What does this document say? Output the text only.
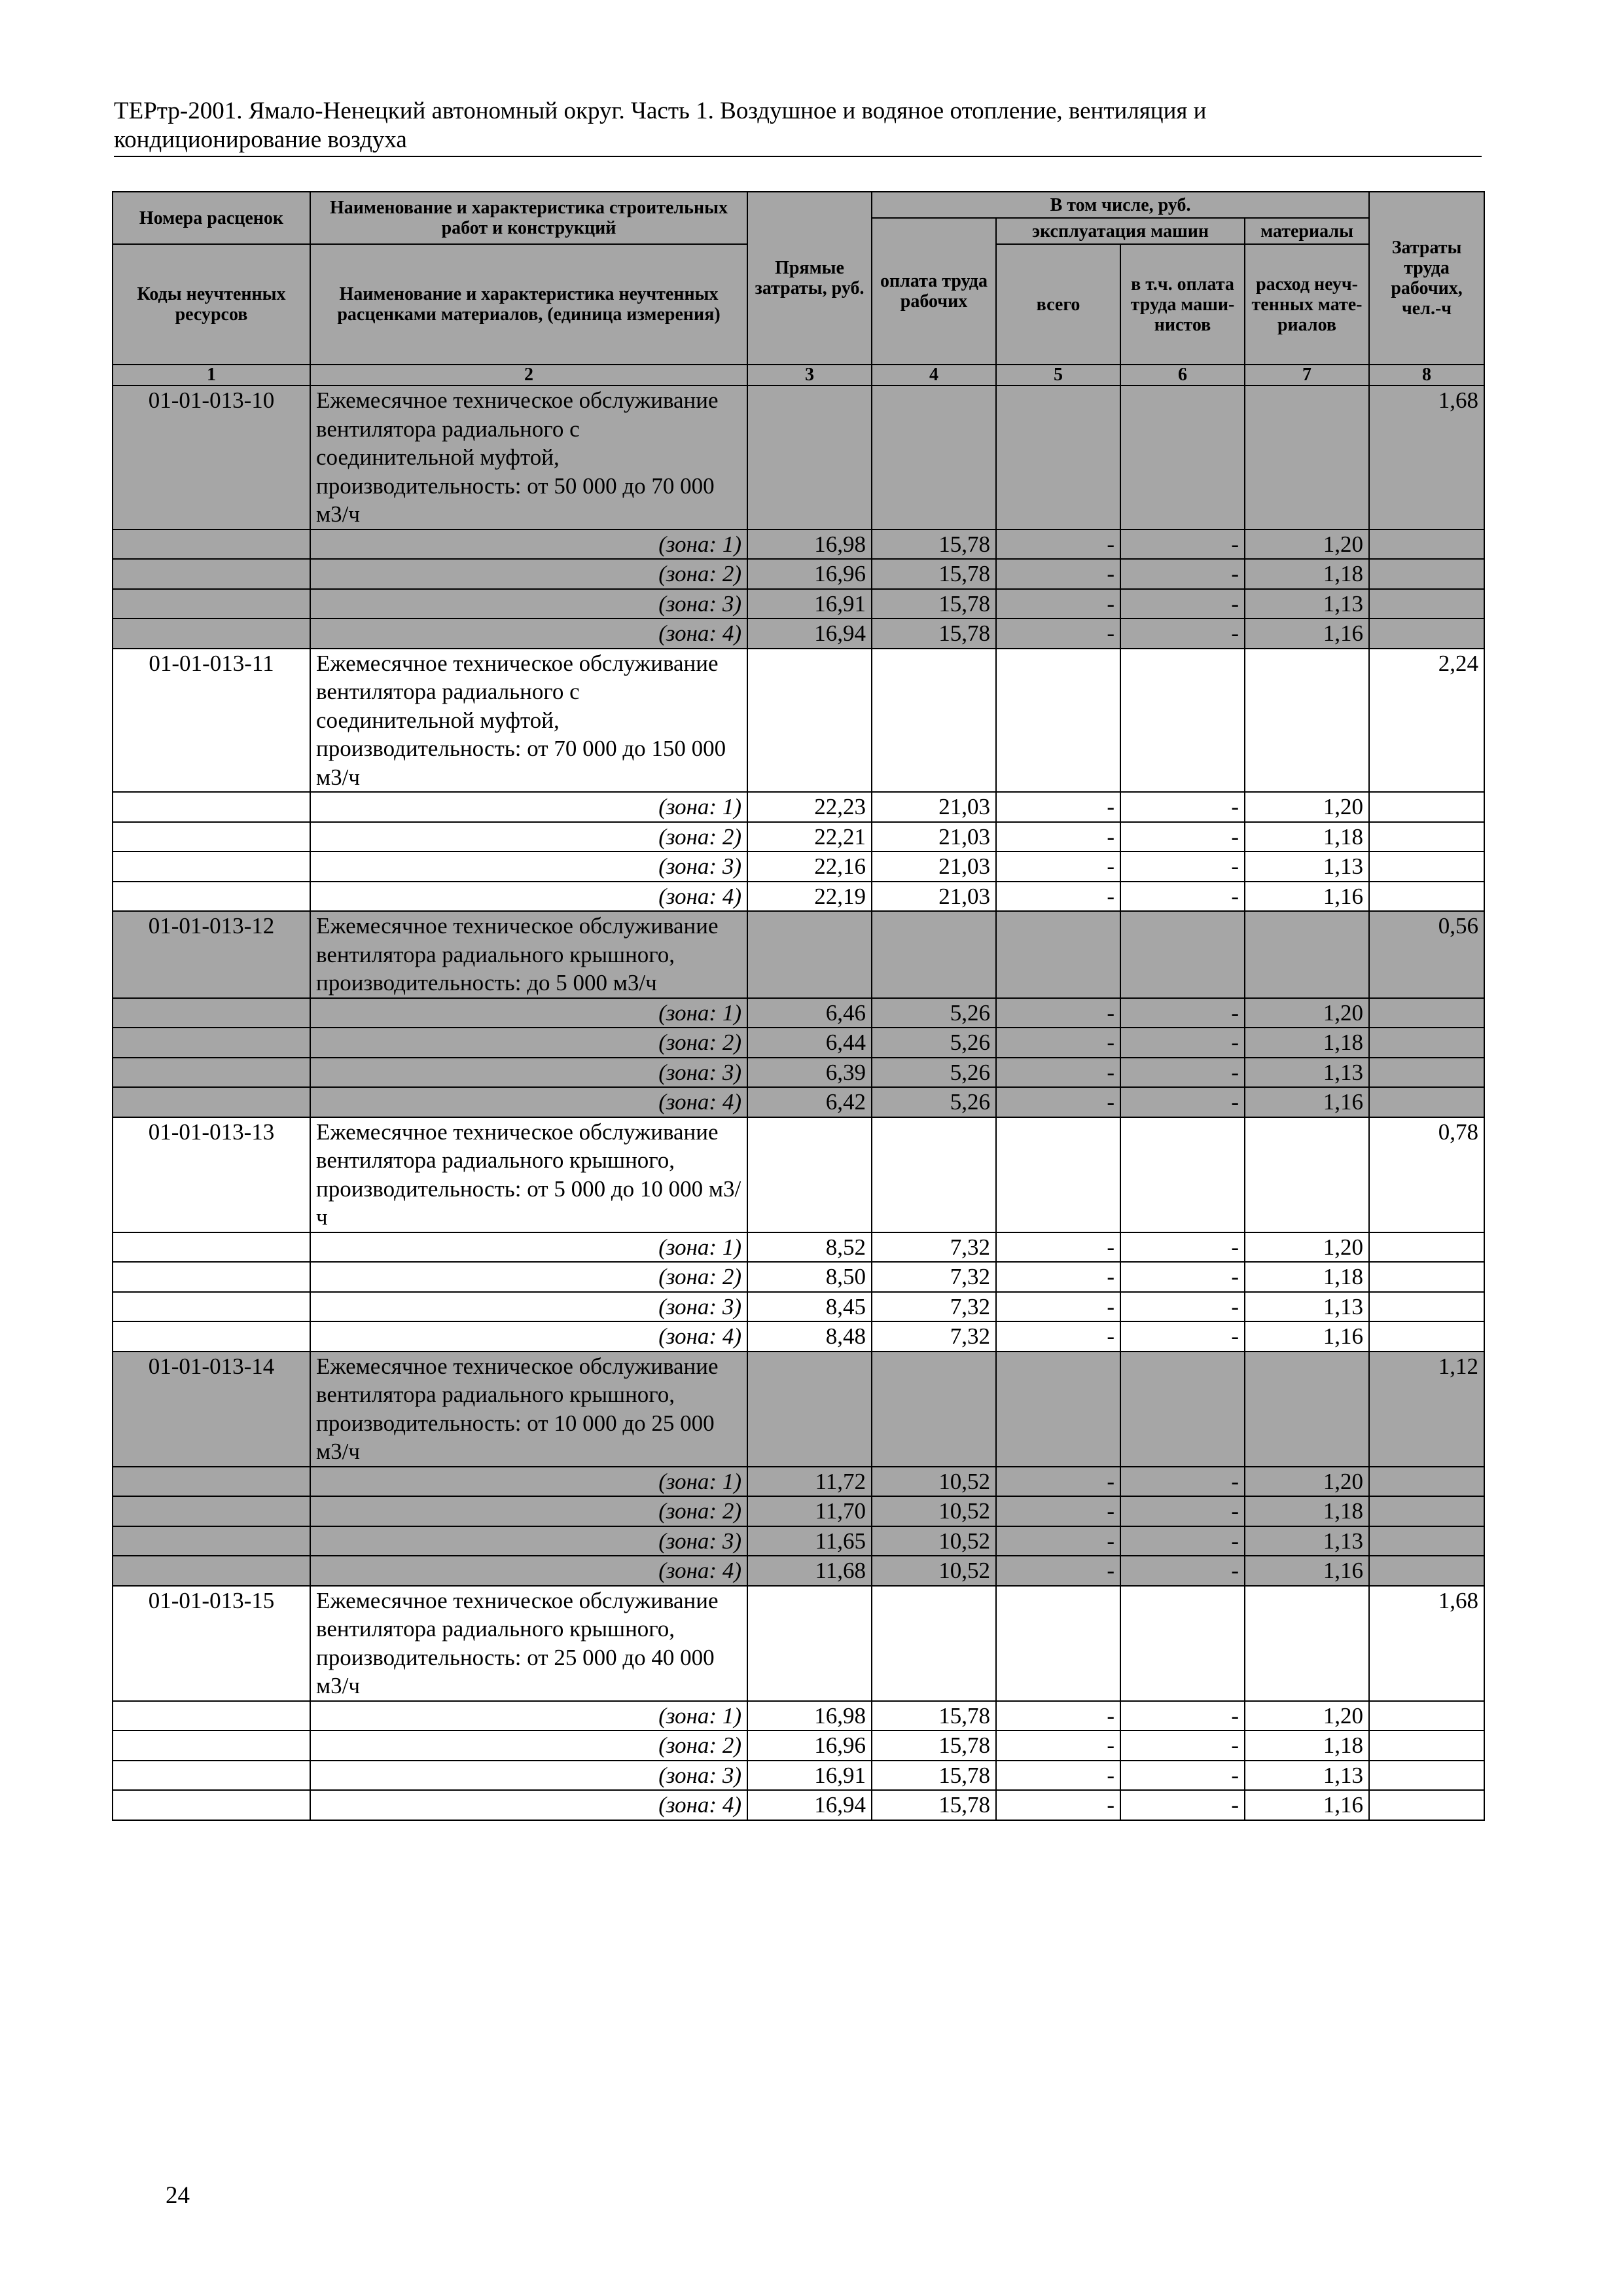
ТЕРтр-2001. Ямало-Ненецкий автономный округ. Часть 1. Воздушное и водяное отопление, вентиляция и
кондиционирование воздуха
Номера расценок	Наименование и характеристика строительных работ и конструкций	Прямые затраты, руб.	В том числе, руб.				Затраты труда рабочих, чел.-ч
			оплата труда рабочих	эксплуатация машин		материалы	
Коды неучтенных ресурсов	Наименование и характеристика неучтенных расценками материалов, (единица измерения)			всего	в т.ч. оплата труда маши-нистов	расход неуч-тенных мате-риалов	

1	2	3	4	5	6	7	8
01-01-013-10	Ежемесячное техническое обслуживание вентилятора радиального с соединительной муфтой, производительность: от 50 000 до 70 000 м3/ч						1,68
	(зона: 1)	16,98	15,78	-	-	1,20	
	(зона: 2)	16,96	15,78	-	-	1,18	
	(зона: 3)	16,91	15,78	-	-	1,13	
	(зона: 4)	16,94	15,78	-	-	1,16	
01-01-013-11	Ежемесячное техническое обслуживание вентилятора радиального с соединительной муфтой, производительность: от 70 000 до 150 000 м3/ч						2,24
	(зона: 1)	22,23	21,03	-	-	1,20	
	(зона: 2)	22,21	21,03	-	-	1,18	
	(зона: 3)	22,16	21,03	-	-	1,13	
	(зона: 4)	22,19	21,03	-	-	1,16	
01-01-013-12	Ежемесячное техническое обслуживание вентилятора радиального крышного, производительность: до 5 000 м3/ч						0,56
	(зона: 1)	6,46	5,26	-	-	1,20	
	(зона: 2)	6,44	5,26	-	-	1,18	
	(зона: 3)	6,39	5,26	-	-	1,13	
	(зона: 4)	6,42	5,26	-	-	1,16	
01-01-013-13	Ежемесячное техническое обслуживание вентилятора радиального крышного, производительность: от 5 000 до 10 000 м3/ч						0,78
	(зона: 1)	8,52	7,32	-	-	1,20	
	(зона: 2)	8,50	7,32	-	-	1,18	
	(зона: 3)	8,45	7,32	-	-	1,13	
	(зона: 4)	8,48	7,32	-	-	1,16	
01-01-013-14	Ежемесячное техническое обслуживание вентилятора радиального крышного, производительность: от 10 000 до 25 000 м3/ч						1,12
	(зона: 1)	11,72	10,52	-	-	1,20	
	(зона: 2)	11,70	10,52	-	-	1,18	
	(зона: 3)	11,65	10,52	-	-	1,13	
	(зона: 4)	11,68	10,52	-	-	1,16	
01-01-013-15	Ежемесячное техническое обслуживание вентилятора радиального крышного, производительность: от 25 000 до 40 000 м3/ч						1,68
	(зона: 1)	16,98	15,78	-	-	1,20	
	(зона: 2)	16,96	15,78	-	-	1,18	
	(зона: 3)	16,91	15,78	-	-	1,13	
	(зона: 4)	16,94	15,78	-	-	1,16	
24
